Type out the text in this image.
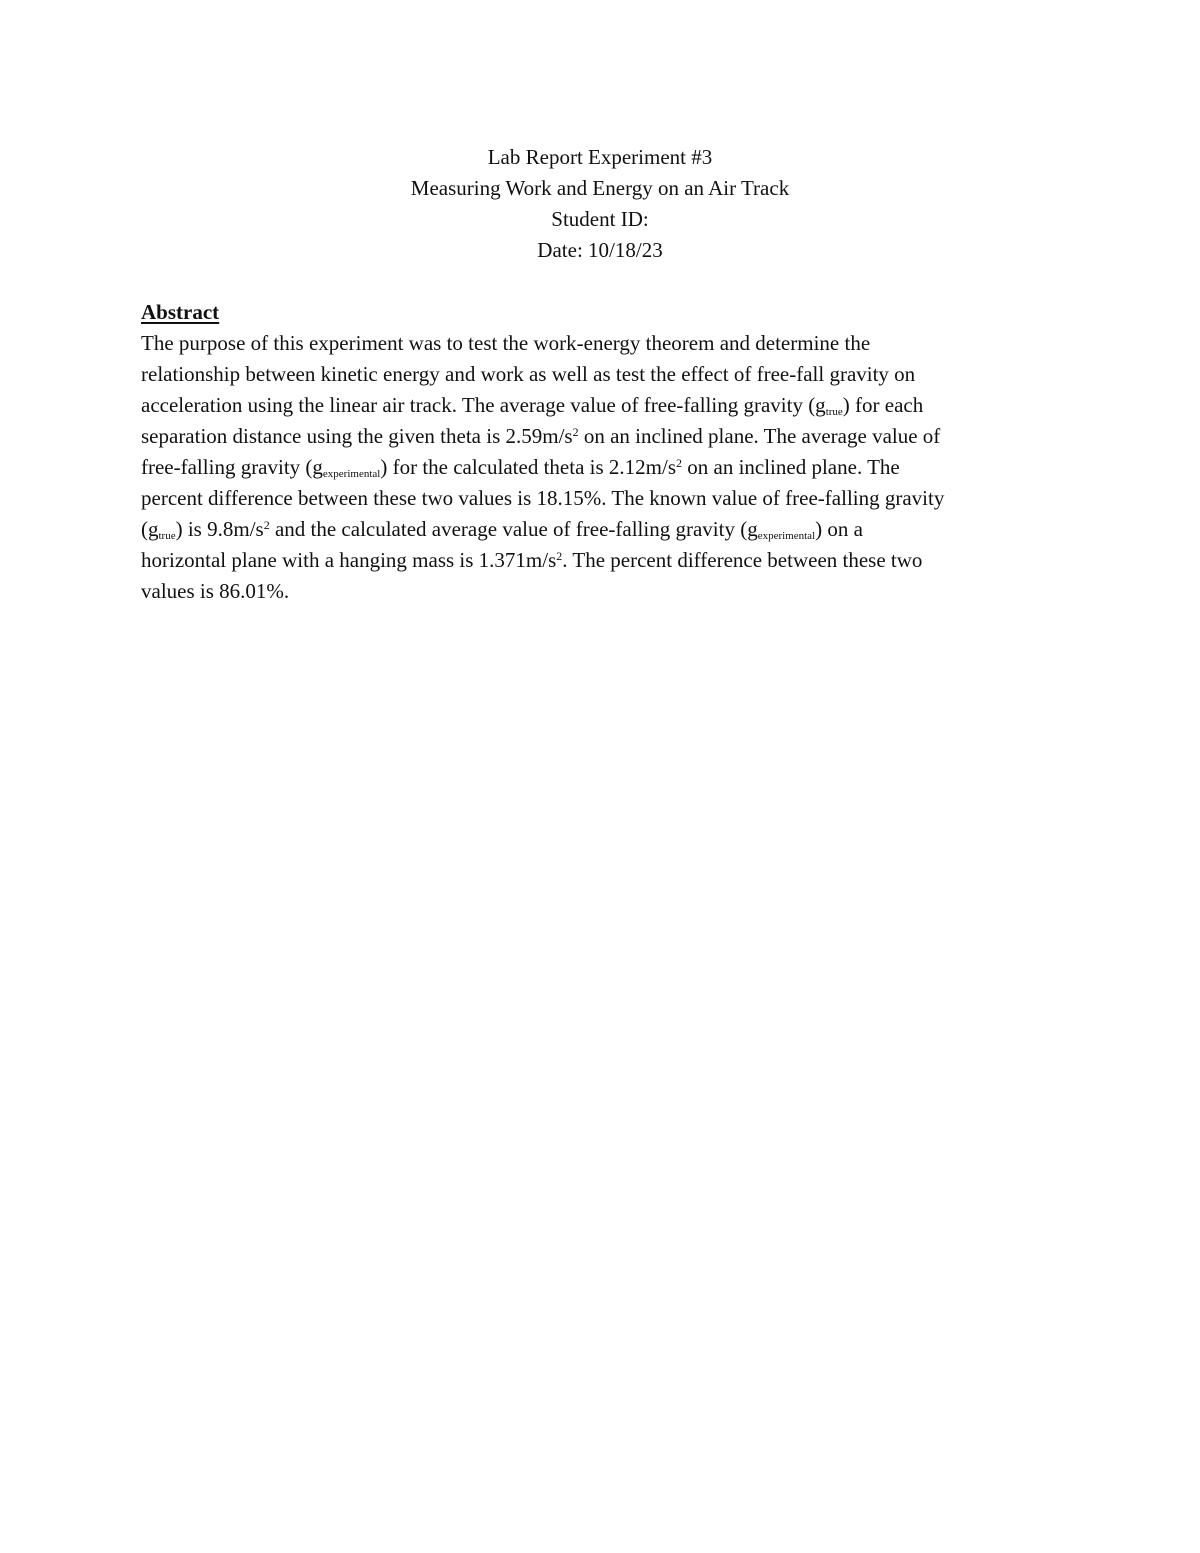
Lab Report Experiment #3
Measuring Work and Energy on an Air Track
Student ID:
Date: 10/18/23
Abstract
The purpose of this experiment was to test the work-energy theorem and determine the
relationship between kinetic energy and work as well as test the effect of free-fall gravity on
acceleration using the linear air track. The average value of free-falling gravity $(g_{true})$ for each
separation distance using the given theta is $2.59m/s^2$ on an inclined plane. The average value of
free-falling gravity $(g_{experimental})$ for the calculated theta is $2.12m/s^2$ on an inclined plane. The
percent difference between these two values is 18.15%. The known value of free-falling gravity
$(g_{true})$ is $9.8m/s^2$ and the calculated average value of free-falling gravity $(g_{experimental})$ on a
horizontal plane with a hanging mass is $1.371m/s^2$. The percent difference between these two
values is 86.01%.
